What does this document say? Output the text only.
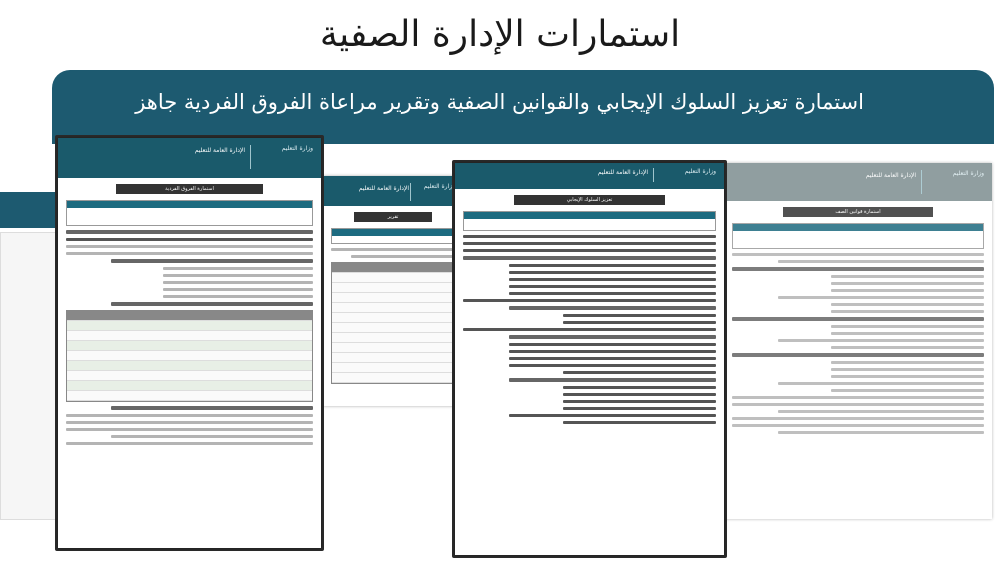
استمارات الإدارة الصفية
استمارة تعزيز السلوك الإيجابي والقوانين الصفية وتقرير مراعاة الفروق الفردية جاهز
وزارة التعليم
الإدارة العامة للتعليم
استمارة قوانين الصف
وزارة التعليم
الإدارة العامة للتعليم
تقرير
وزارة التعليم
الإدارة العامة للتعليم
استمارة الفروق الفردية
وزارة التعليم
الإدارة العامة للتعليم
تعزيز السلوك الإيجابي
